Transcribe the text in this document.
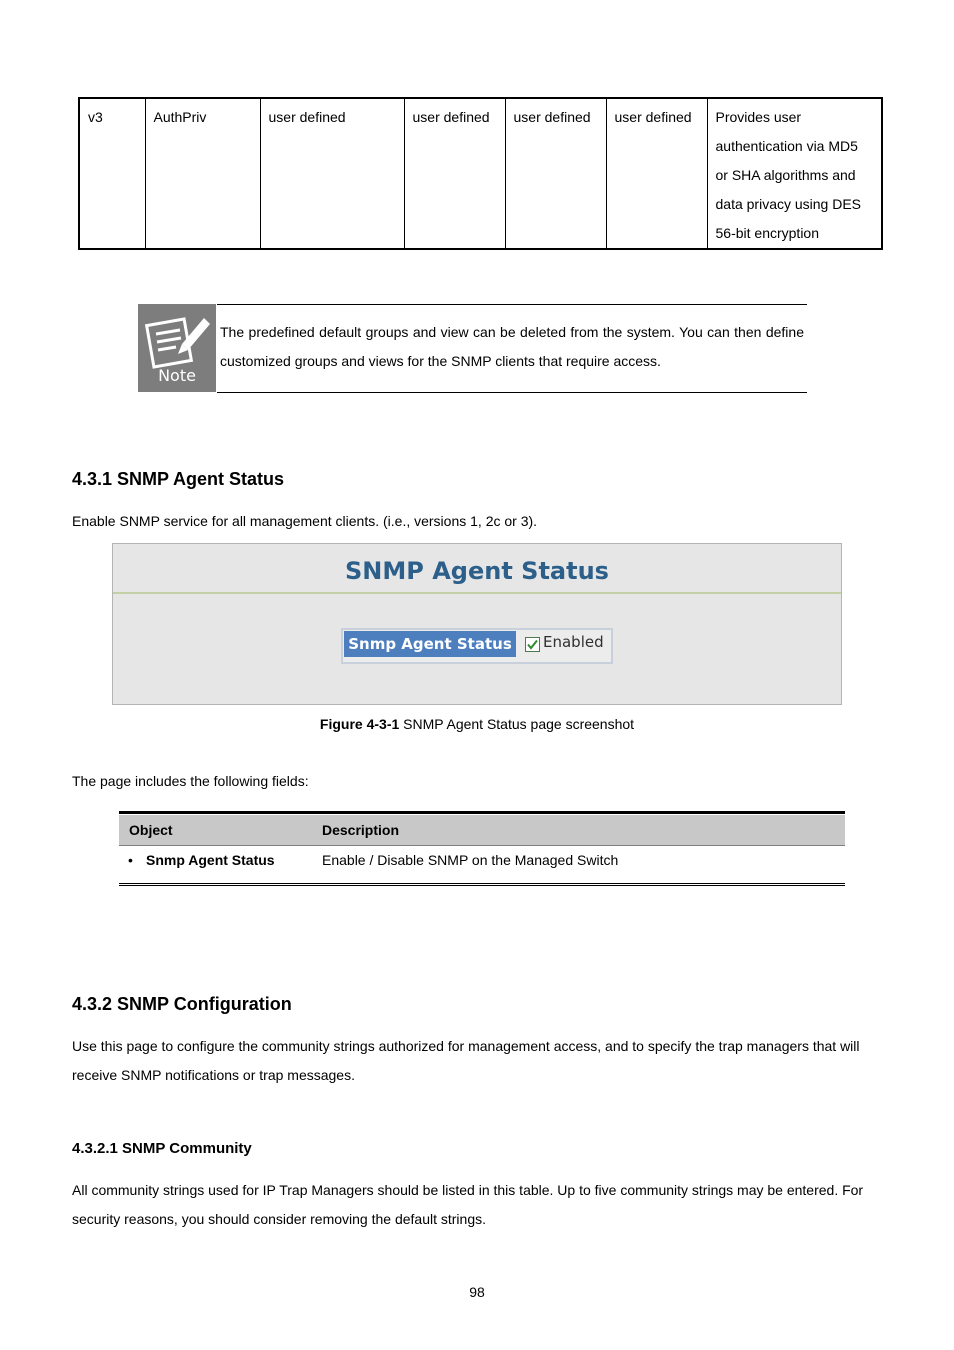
v3	AuthPriv	user defined	user defined	user defined	user defined	Provides user
authentication via MD5
or SHA algorithms and
data privacy using DES
56-bit encryption
Note
The predefined default groups and view can be deleted from the system. You can then define customized groups and views for the SNMP clients that require access.
4.3.1 SNMP Agent Status

Enable SNMP service for all management clients. (i.e., versions 1, 2c or 3).

SNMP Agent Status
Snmp Agent Status Enabled
Figure 4-3-1 SNMP Agent Status page screenshot

The page includes the following fields:

Object	Description
• Snmp Agent Status	Enable / Disable SNMP on the Managed Switch
4.3.2 SNMP Configuration

Use this page to configure the community strings authorized for management access, and to specify the trap managers that will receive SNMP notifications or trap messages.

4.3.2.1 SNMP Community

All community strings used for IP Trap Managers should be listed in this table. Up to five community strings may be entered. For security reasons, you should consider removing the default strings.

98
